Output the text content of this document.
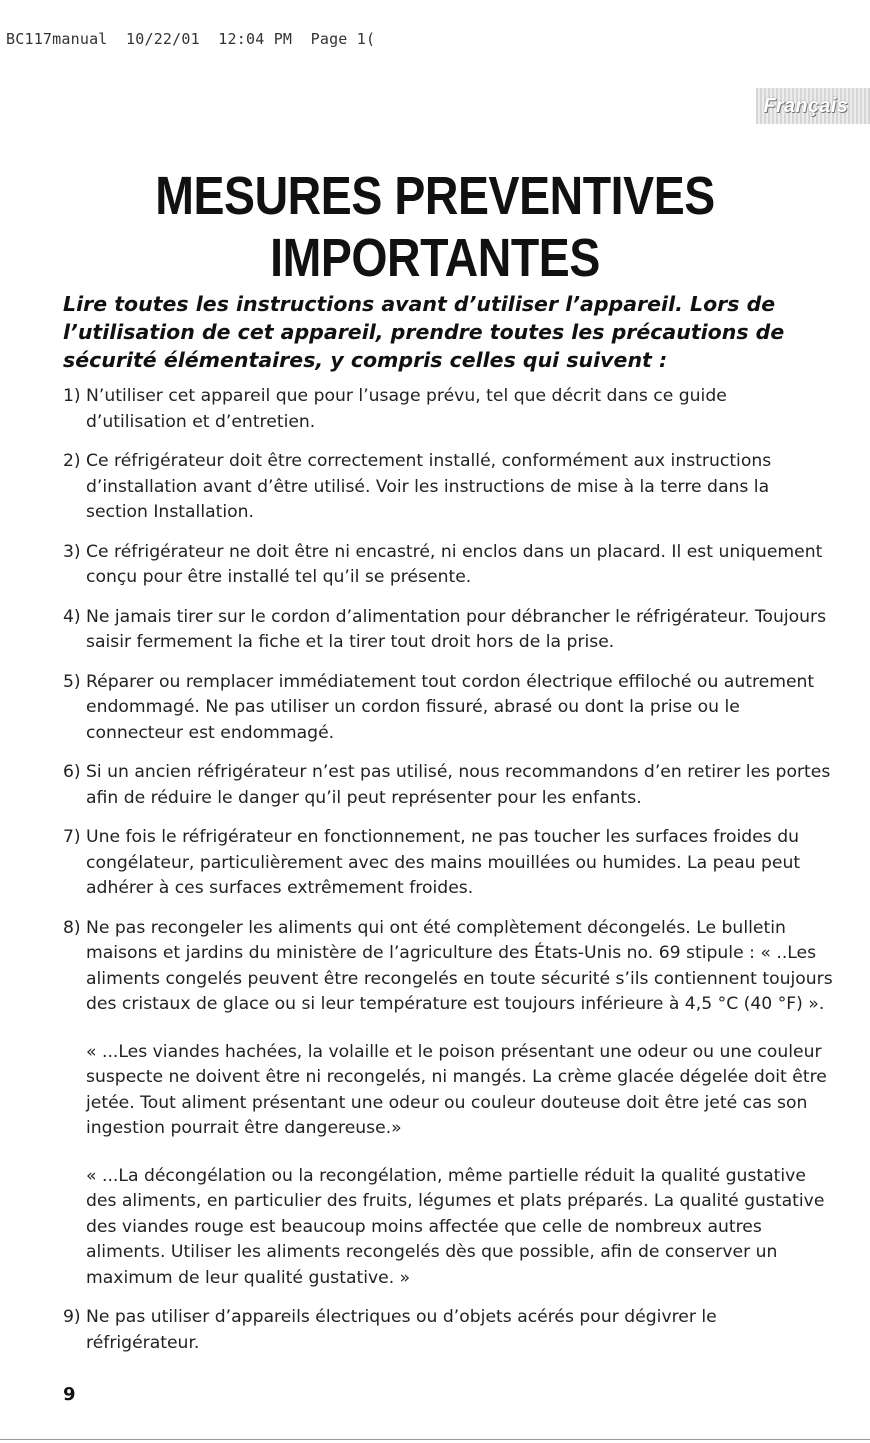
BC117manual  10/22/01  12:04 PM  Page 1(
Français
MESURES PREVENTIVES
IMPORTANTES

Lire toutes les instructions avant d’utiliser l’appareil. Lors de l’utilisation de cet appareil, prendre toutes les précautions de sécurité élémentaires, y compris celles qui suivent :

1) N’utiliser cet appareil que pour l’usage prévu, tel que décrit dans ce guide d’utilisation et d’entretien.

2) Ce réfrigérateur doit être correctement installé, conformément aux instructions d’installation avant d’être utilisé. Voir les instructions de mise à la terre dans la section Installation.

3) Ce réfrigérateur ne doit être ni encastré, ni enclos dans un placard. Il est uniquement conçu pour être installé tel qu’il se présente.

4) Ne jamais tirer sur le cordon d’alimentation pour débrancher le réfrigérateur. Toujours saisir fermement la fiche et la tirer tout droit hors de la prise.

5) Réparer ou remplacer immédiatement tout cordon électrique effiloché ou autrement endommagé. Ne pas utiliser un cordon fissuré, abrasé ou dont la prise ou le connecteur est endommagé.

6) Si un ancien réfrigérateur n’est pas utilisé, nous recommandons d’en retirer les portes afin de réduire le danger qu’il peut représenter pour les enfants.

7) Une fois le réfrigérateur en fonctionnement, ne pas toucher les surfaces froides du congélateur, particulièrement avec des mains mouillées ou humides. La peau peut adhérer à ces surfaces extrêmement froides.

8) Ne pas recongeler les aliments qui ont été complètement décongelés. Le bulletin maisons et jardins du ministère de l’agriculture des États-Unis no. 69 stipule : « ..Les aliments congelés peuvent être recongelés en toute sécurité s’ils contiennent toujours des cristaux de glace ou si leur température est toujours inférieure à 4,5 °C (40 °F) ».

« ...Les viandes hachées, la volaille et le poison présentant une odeur ou une couleur suspecte ne doivent être ni recongelés, ni mangés. La crème glacée dégelée doit être jetée. Tout aliment présentant une odeur ou couleur douteuse doit être jeté cas son ingestion pourrait être dangereuse.»

« ...La décongélation ou la recongélation, même partielle réduit la qualité gustative des aliments, en particulier des fruits, légumes et plats préparés. La qualité gustative des viandes rouge est beaucoup moins affectée que celle de nombreux autres aliments. Utiliser les aliments recongelés dès que possible, afin de conserver un maximum de leur qualité gustative. »

9) Ne pas utiliser d’appareils électriques ou d’objets acérés pour dégivrer le réfrigérateur.

9
